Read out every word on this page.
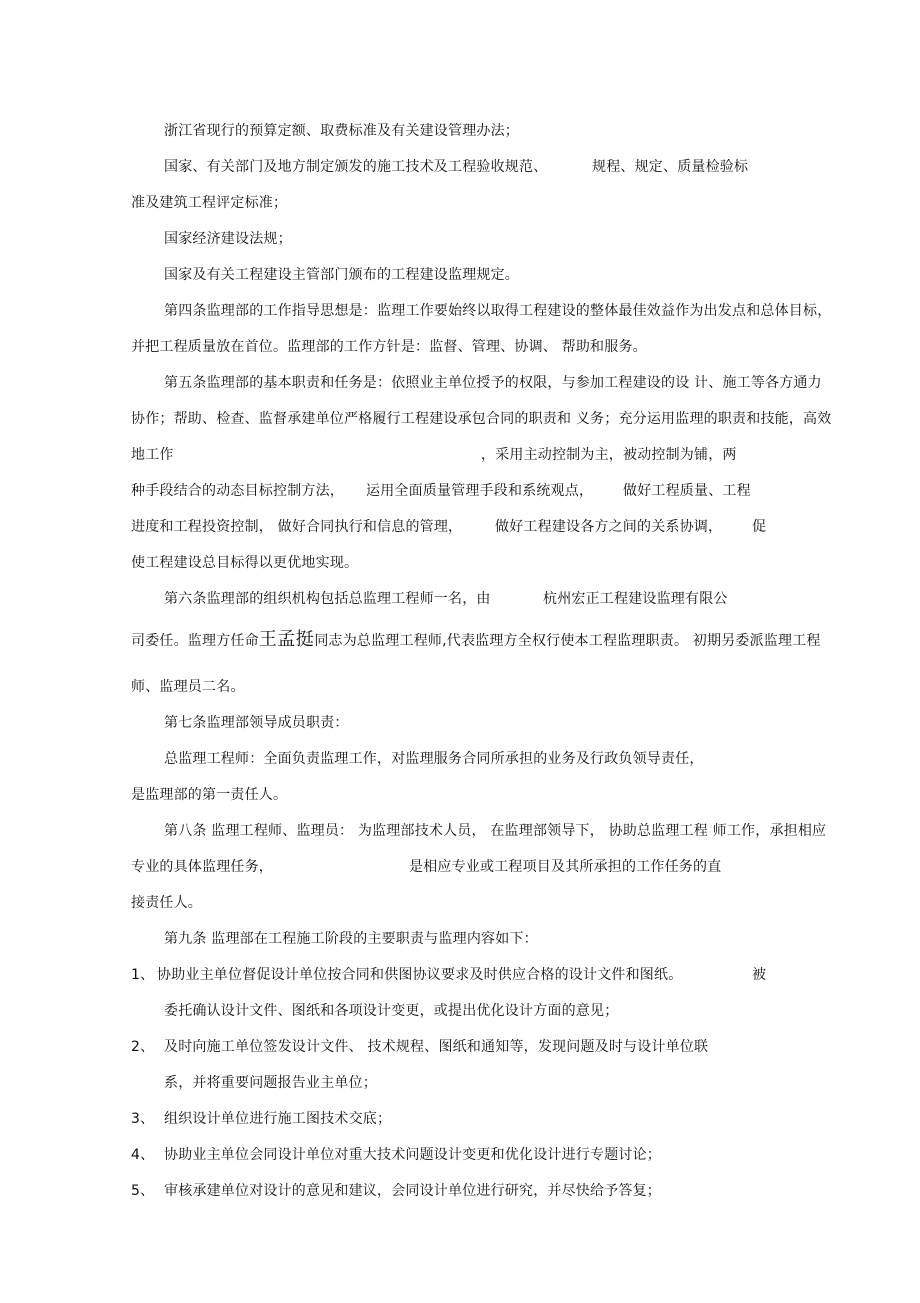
浙江省现行的预算定额、取费标准及有关建设管理办法；
国家、有关部门及地方制定颁发的施工技术及工程验收规范、	规程、规定、质量检验标
准及建筑工程评定标准；
国家经济建设法规；
国家及有关工程建设主管部门颁布的工程建设监理规定。
第四条监理部的工作指导思想是：监理工作要始终以取得工程建设的整体最佳效益作为出发点和总体目标，
并把工程质量放在首位。监理部的工作方针是：监督、管理、协调、 帮助和服务。
第五条监理部的基本职责和任务是：依照业主单位授予的权限，与参加工程建设的设 计、施工等各方通力
协作；帮助、检查、监督承建单位严格履行工程建设承包合同的职责和 义务；充分运用监理的职责和技能，高效
地工作	，采用主动控制为主，被动控制为铺，两
种手段结合的动态目标控制方法， 运用全面质量管理手段和系统观点， 做好工程质量、工程
进度和工程投资控制， 做好合同执行和信息的管理， 做好工程建设各方之间的关系协调， 促
使工程建设总目标得以更优地实现。
第六条监理部的组织机构包括总监理工程师一名，由	杭州宏正工程建设监理有限公
司委任。监理方任命王孟挺同志为总监理工程师,代表监理方全权行使本工程监理职责。 初期另委派监理工程
师、监理员二名。
第七条监理部领导成员职责：
总监理工程师：全面负责监理工作，对监理服务合同所承担的业务及行政负领导责任，
是监理部的第一责任人。
第八条 监理工程师、监理员： 为监理部技术人员， 在监理部领导下， 协助总监理工程 师工作，承担相应
专业的具体监理任务，	是相应专业或工程项目及其所承担的工作任务的直
接责任人。
第九条 监理部在工程施工阶段的主要职责与监理内容如下：
1、 协助业主单位督促设计单位按合同和供图协议要求及时供应合格的设计文件和图纸。	被
委托确认设计文件、图纸和各项设计变更，或提出优化设计方面的意见；
2、 及时向施工单位签发设计文件、 技术规程、图纸和通知等，发现问题及时与设计单位联
系，并将重要问题报告业主单位；
3、 组织设计单位进行施工图技术交底；
4、 协助业主单位会同设计单位对重大技术问题设计变更和优化设计进行专题讨论；
5、 审核承建单位对设计的意见和建议，会同设计单位进行研究，并尽快给予答复；
